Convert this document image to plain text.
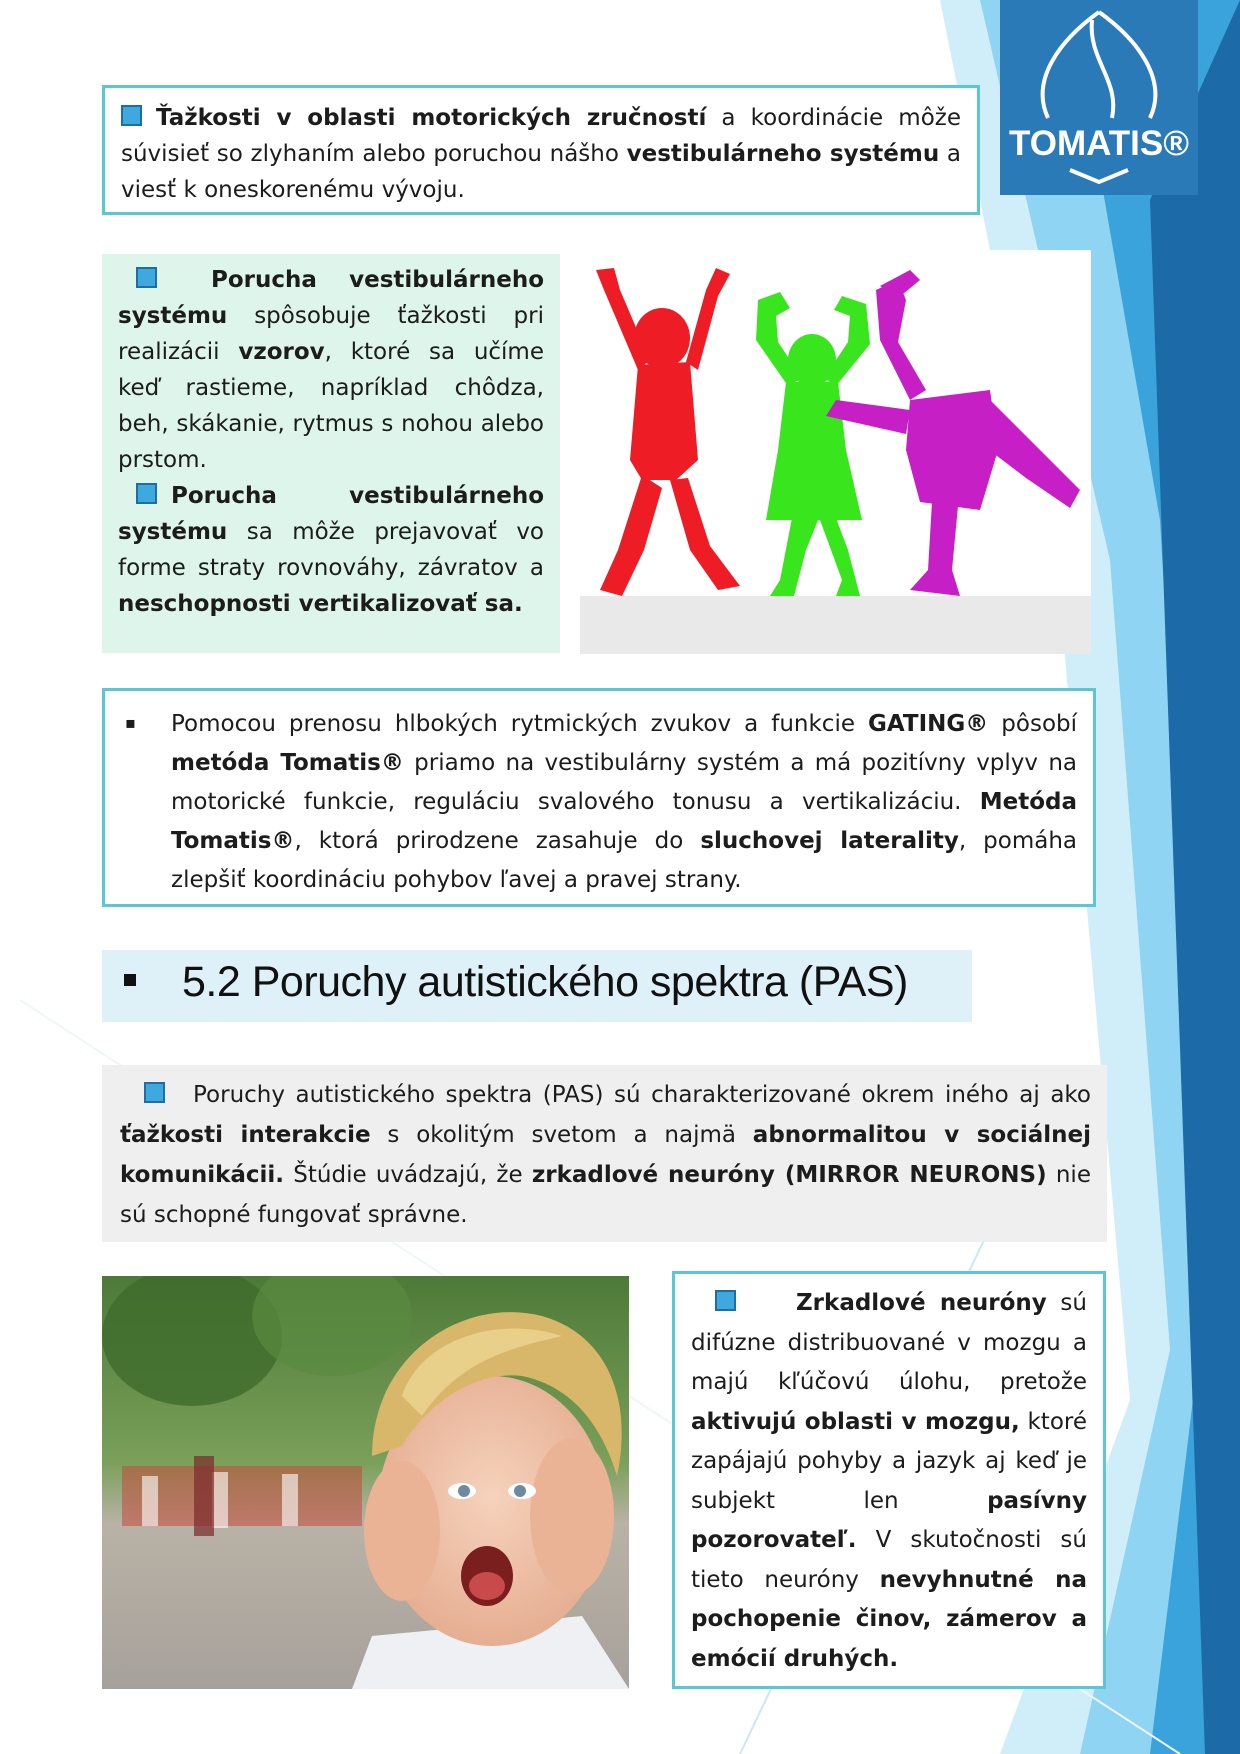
TOMATIS®
Ťažkosti v oblasti motorických zručností a koordinácie môže súvisieť so zlyhaním alebo poruchou nášho vestibulárneho systému a viesť k oneskorenému vývoju.
Porucha vestibulárneho systému spôsobuje ťažkosti pri realizácii vzorov, ktoré sa učíme keď rastieme, napríklad chôdza, beh, skákanie, rytmus s nohou alebo prstom.
Porucha vestibulárneho systému sa môže prejavovať vo forme straty rovnováhy, závratov a neschopnosti vertikalizovať sa.
▪ Pomocou prenosu hlbokých rytmických zvukov a funkcie GATING® pôsobí metóda Tomatis® priamo na vestibulárny systém a má pozitívny vplyv na motorické funkcie, reguláciu svalového tonusu a vertikalizáciu. Metóda Tomatis®, ktorá prirodzene zasahuje do sluchovej laterality, pomáha zlepšiť koordináciu pohybov ľavej a pravej strany.
5.2 Poruchy autistického spektra (PAS)
Poruchy autistického spektra (PAS) sú charakterizované okrem iného aj ako ťažkosti interakcie s okolitým svetom a najmä abnormalitou v sociálnej komunikácii. Štúdie uvádzajú, že zrkadlové neuróny (MIRROR NEURONS) nie sú schopné fungovať správne.
Zrkadlové neuróny sú difúzne distribuované v mozgu a majú kľúčovú úlohu, pretože aktivujú oblasti v mozgu, ktoré zapájajú pohyby a jazyk aj keď je subjekt len pasívny pozorovateľ. V skutočnosti sú tieto neuróny nevyhnutné na pochopenie činov, zámerov a emócií druhých.
